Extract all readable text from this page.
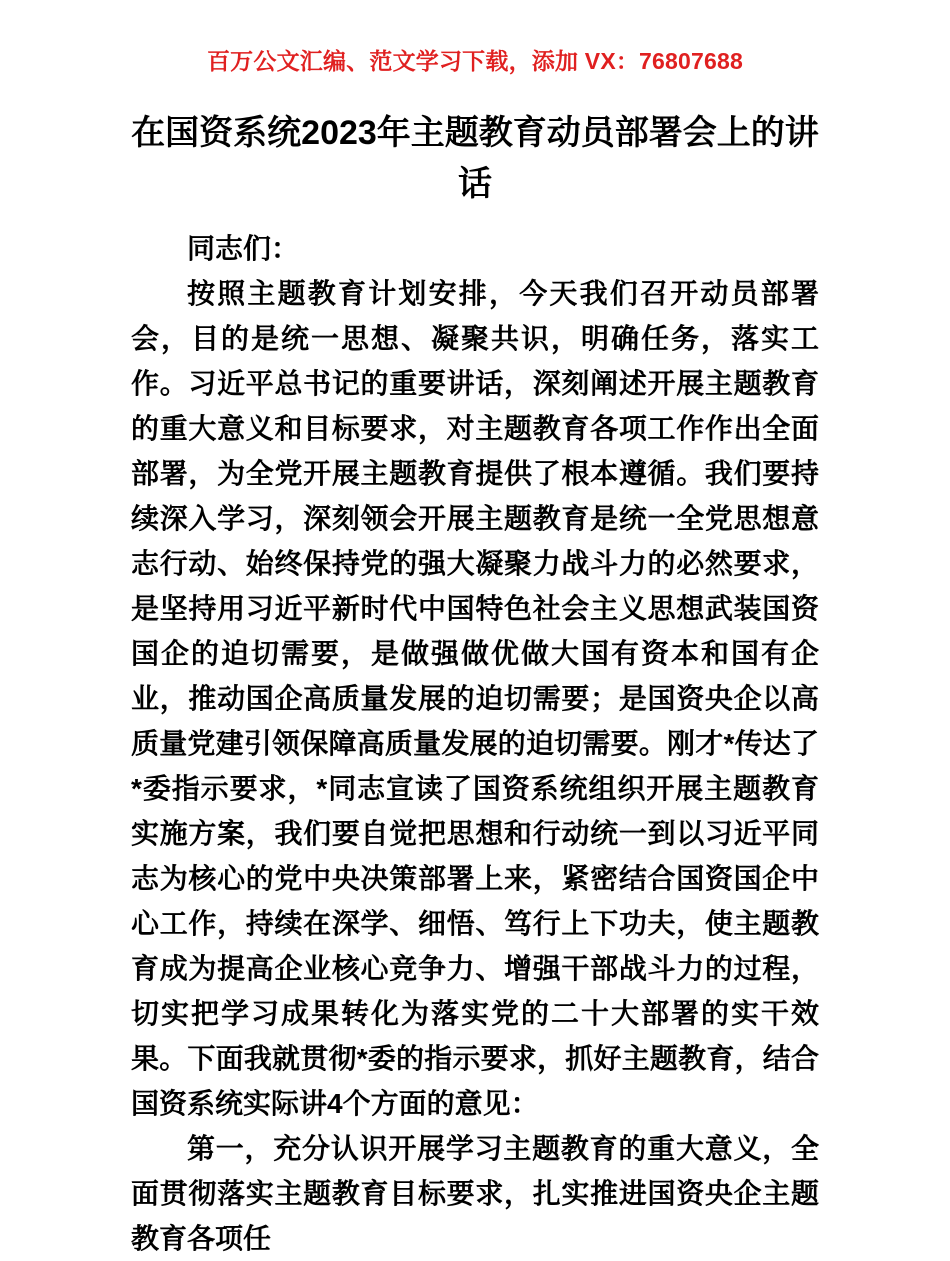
百万公文汇编、范文学习下载，添加 VX：76807688
在国资系统2023年主题教育动员部署会上的讲话

同志们：

按照主题教育计划安排，今天我们召开动员部署会，目的是统一思想、凝聚共识，明确任务，落实工作。习近平总书记的重要讲话，深刻阐述开展主题教育的重大意义和目标要求，对主题教育各项工作作出全面部署，为全党开展主题教育提供了根本遵循。我们要持续深入学习，深刻领会开展主题教育是统一全党思想意志行动、始终保持党的强大凝聚力战斗力的必然要求，是坚持用习近平新时代中国特色社会主义思想武装国资国企的迫切需要，是做强做优做大国有资本和国有企业，推动国企高质量发展的迫切需要；是国资央企以高质量党建引领保障高质量发展的迫切需要。刚才*传达了*委指示要求，*同志宣读了国资系统组织开展主题教育实施方案，我们要自觉把思想和行动统一到以习近平同志为核心的党中央决策部署上来，紧密结合国资国企中心工作，持续在深学、细悟、笃行上下功夫，使主题教育成为提高企业核心竞争力、增强干部战斗力的过程，切实把学习成果转化为落实党的二十大部署的实干效果。下面我就贯彻*委的指示要求，抓好主题教育，结合国资系统实际讲4个方面的意见：

第一，充分认识开展学习主题教育的重大意义，全面贯彻落实主题教育目标要求，扎实推进国资央企主题教育各项任
